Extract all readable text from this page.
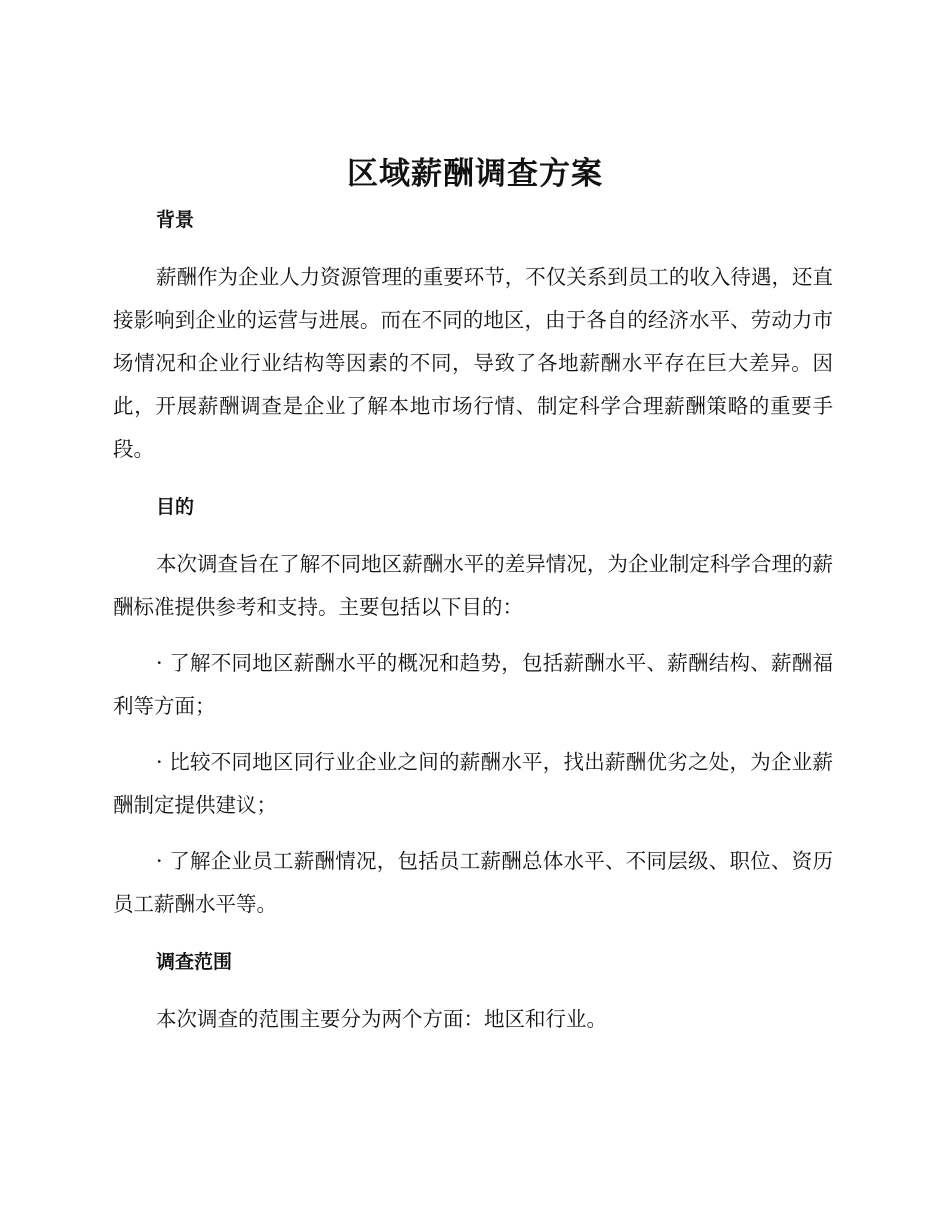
区域薪酬调查方案
背景

薪酬作为企业人力资源管理的重要环节，不仅关系到员工的收入待遇，还直接影响到企业的运营与进展。而在不同的地区，由于各自的经济水平、劳动力市场情况和企业行业结构等因素的不同，导致了各地薪酬水平存在巨大差异。因此，开展薪酬调查是企业了解本地市场行情、制定科学合理薪酬策略的重要手段。

目的

本次调查旨在了解不同地区薪酬水平的差异情况，为企业制定科学合理的薪酬标准提供参考和支持。主要包括以下目的：

· 了解不同地区薪酬水平的概况和趋势，包括薪酬水平、薪酬结构、薪酬福利等方面；

· 比较不同地区同行业企业之间的薪酬水平，找出薪酬优劣之处，为企业薪酬制定提供建议；

· 了解企业员工薪酬情况，包括员工薪酬总体水平、不同层级、职位、资历员工薪酬水平等。

调查范围

本次调查的范围主要分为两个方面：地区和行业。
